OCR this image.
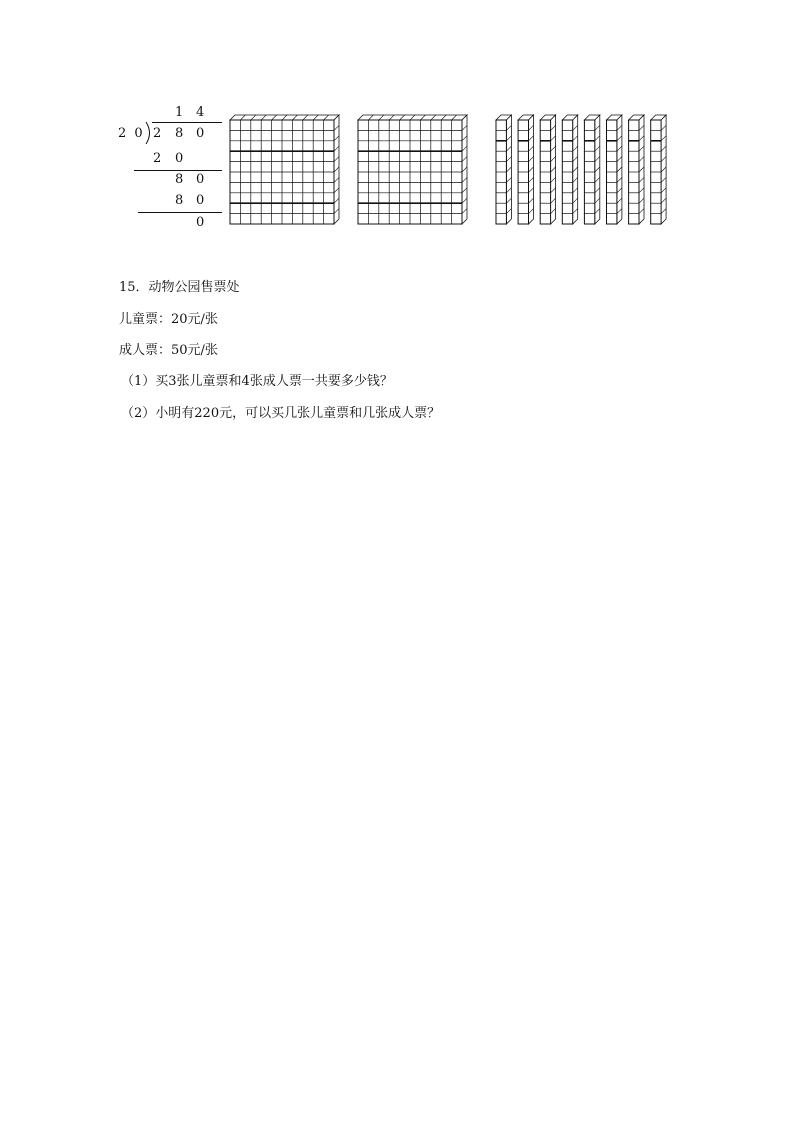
1 4
2 0 2 8 0
2 0
8 0
8 0
0
15．动物公园售票处
儿童票：20元/张
成人票：50元/张
（1）买3张儿童票和4张成人票一共要多少钱？
（2）小明有220元，可以买几张儿童票和几张成人票？
